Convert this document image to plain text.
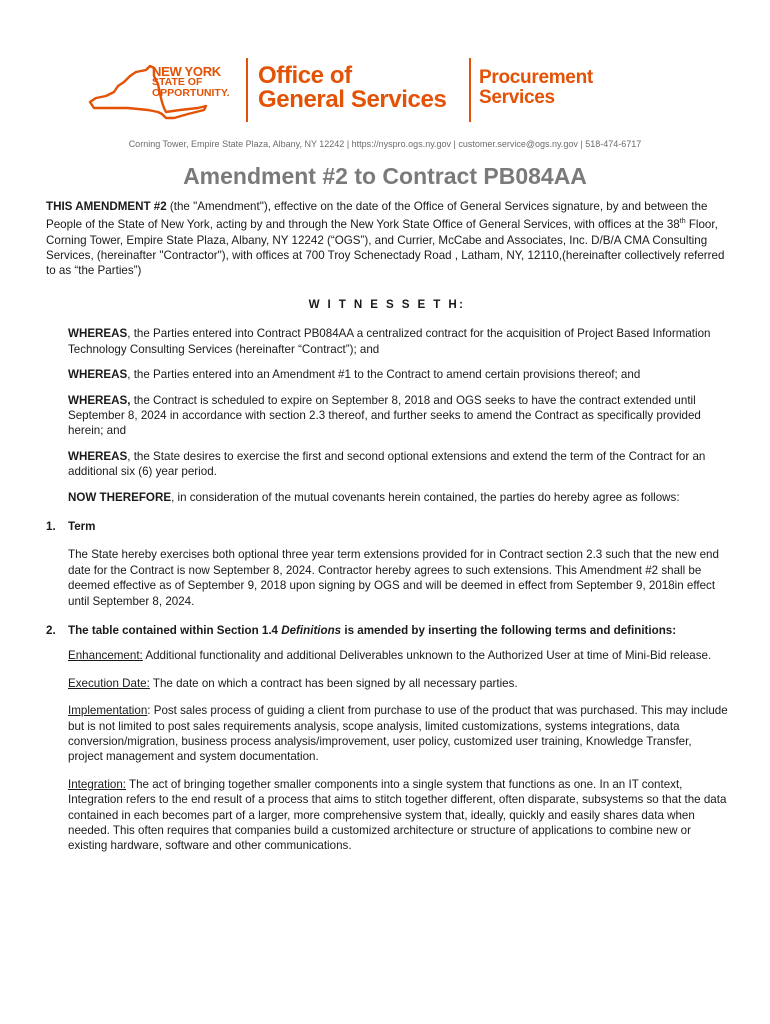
NEW YORK
STATE OF
OPPORTUNITY.
Office of
General Services
Procurement
Services
Corning Tower, Empire State Plaza, Albany, NY 12242 | https://nyspro.ogs.ny.gov | customer.service@ogs.ny.gov | 518-474-6717
Amendment #2 to Contract PB084AA

THIS AMENDMENT #2 (the "Amendment"), effective on the date of the Office of General Services signature, by and between the People of the State of New York, acting by and through the New York State Office of General Services, with offices at the 38th Floor, Corning Tower, Empire State Plaza, Albany, NY 12242 (“OGS”), and Currier, McCabe and Associates, Inc. D/B/A CMA Consulting Services, (hereinafter "Contractor"), with offices at 700 Troy Schenectady Road , Latham, NY, 12110,(hereinafter collectively referred to as “the Parties”)

W I T N E S S E T H:

WHEREAS, the Parties entered into Contract PB084AA a centralized contract for the acquisition of Project Based Information Technology Consulting Services (hereinafter “Contract”); and

WHEREAS, the Parties entered into an Amendment #1 to the Contract to amend certain provisions thereof; and

WHEREAS, the Contract is scheduled to expire on September 8, 2018 and OGS seeks to have the contract extended until September 8, 2024 in accordance with section 2.3 thereof, and further seeks to amend the Contract as specifically provided herein; and

WHEREAS, the State desires to exercise the first and second optional extensions and extend the term of the Contract for an additional six (6) year period.

NOW THEREFORE, in consideration of the mutual covenants herein contained, the parties do hereby agree as follows:

1.	Term

The State hereby exercises both optional three year term extensions provided for in Contract section 2.3 such that the new end date for the Contract is now September 8, 2024. Contractor hereby agrees to such extensions. This Amendment #2 shall be deemed effective as of September 9, 2018 upon signing by OGS and will be deemed in effect from September 9, 2018in effect until September 8, 2024.

2.	The table contained within Section 1.4 Definitions is amended by inserting the following terms and definitions:

Enhancement: Additional functionality and additional Deliverables unknown to the Authorized User at time of Mini-Bid release.

Execution Date: The date on which a contract has been signed by all necessary parties.

Implementation: Post sales process of guiding a client from purchase to use of the product that was purchased. This may include but is not limited to post sales requirements analysis, scope analysis, limited customizations, systems integrations, data conversion/migration, business process analysis/improvement, user policy, customized user training, Knowledge Transfer, project management and system documentation.

Integration: The act of bringing together smaller components into a single system that functions as one. In an IT context, Integration refers to the end result of a process that aims to stitch together different, often disparate, subsystems so that the data contained in each becomes part of a larger, more comprehensive system that, ideally, quickly and easily shares data when needed. This often requires that companies build a customized architecture or structure of applications to combine new or existing hardware, software and other communications.
